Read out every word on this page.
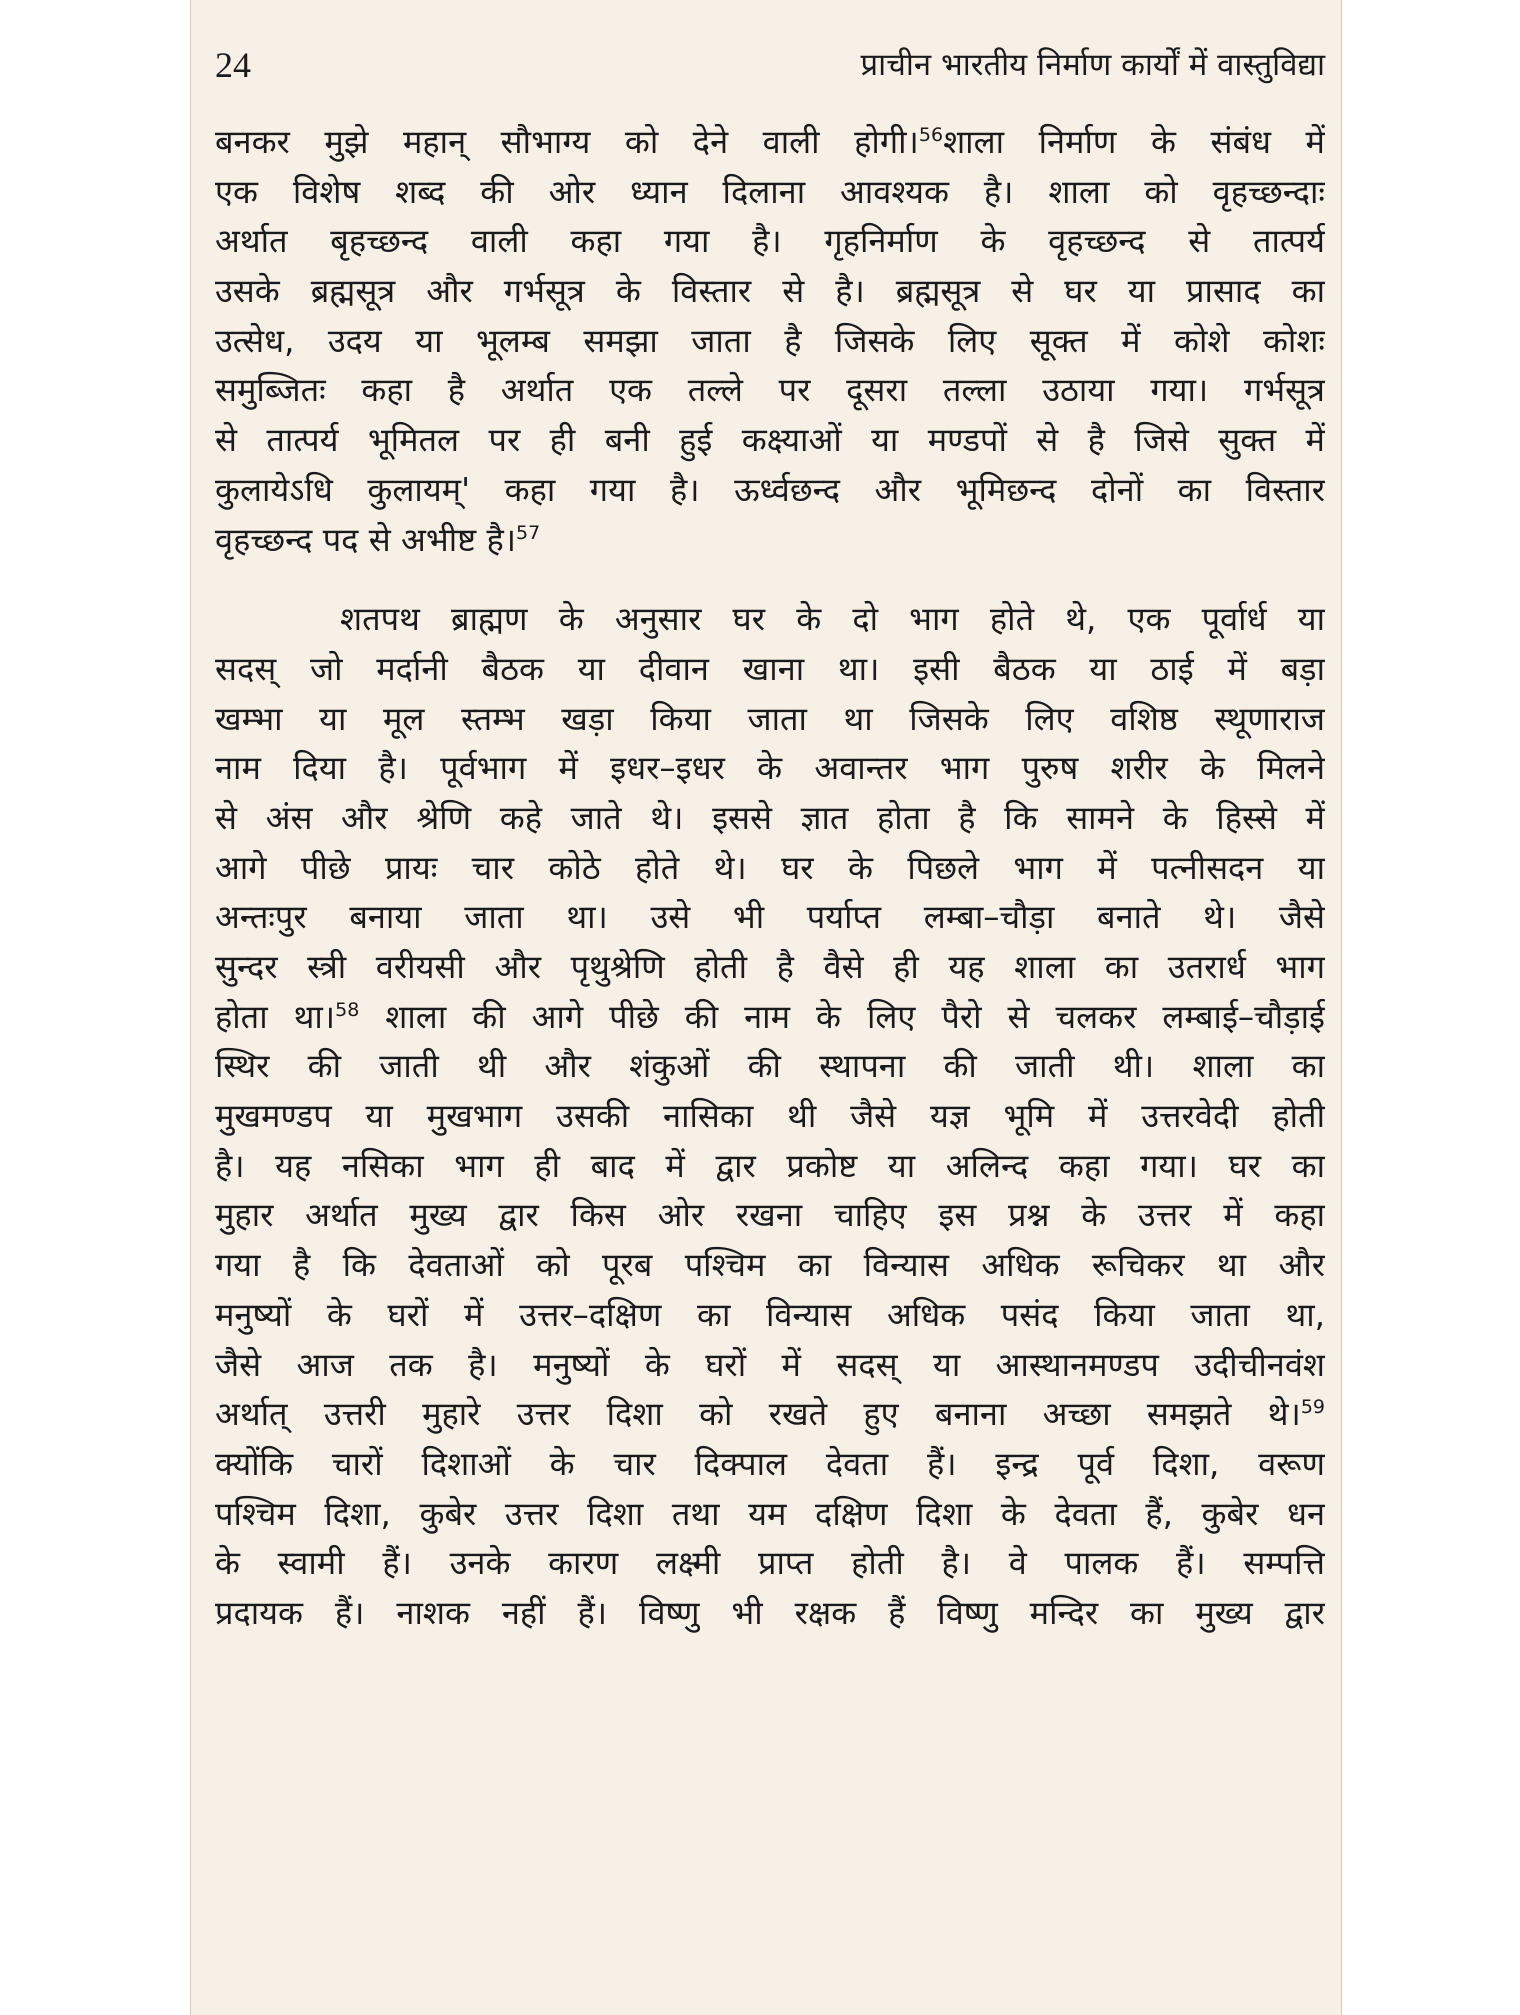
24	प्राचीन भारतीय निर्माण कार्यों में वास्तुविद्या
बनकर मुझे महान् सौभाग्य को देने वाली होगी।$^{56}$शाला निर्माण के संबंध में
एक विशेष शब्द की ओर ध्यान दिलाना आवश्यक है। शाला को वृहच्छन्दाः
अर्थात बृहच्छन्द वाली कहा गया है। गृहनिर्माण के वृहच्छन्द से तात्पर्य
उसके ब्रह्मसूत्र और गर्भसूत्र के विस्तार से है। ब्रह्मसूत्र से घर या प्रासाद का
उत्सेध, उदय या भूलम्ब समझा जाता है जिसके लिए सूक्त में कोशे कोशः
समुब्जितः कहा है अर्थात एक तल्ले पर दूसरा तल्ला उठाया गया। गर्भसूत्र
से तात्पर्य भूमितल पर ही बनी हुई कक्ष्याओं या मण्डपों से है जिसे सुक्त में
कुलायेऽधि कुलायम्' कहा गया है। ऊर्ध्वछन्द और भूमिछन्द दोनों का विस्तार
वृहच्छन्द पद से अभीष्ट है।$^{57}$
शतपथ ब्राह्मण के अनुसार घर के दो भाग होते थे, एक पूर्वार्ध या
सदस् जो मर्दानी बैठक या दीवान खाना था। इसी बैठक या ठाई में बड़ा
खम्भा या मूल स्तम्भ खड़ा किया जाता था जिसके लिए वशिष्ठ स्थूणाराज
नाम दिया है। पूर्वभाग में इधर–इधर के अवान्तर भाग पुरुष शरीर के मिलने
से अंस और श्रेणि कहे जाते थे। इससे ज्ञात होता है कि सामने के हिस्से में
आगे पीछे प्रायः चार कोठे होते थे। घर के पिछले भाग में पत्नीसदन या
अन्तःपुर बनाया जाता था। उसे भी पर्याप्त लम्बा–चौड़ा बनाते थे। जैसे
सुन्दर स्त्री वरीयसी और पृथुश्रेणि होती है वैसे ही यह शाला का उतरार्ध भाग
होता था।$^{58}$ शाला की आगे पीछे की नाम के लिए पैरो से चलकर लम्बाई–चौड़ाई
स्थिर की जाती थी और शंकुओं की स्थापना की जाती थी। शाला का
मुखमण्डप या मुखभाग उसकी नासिका थी जैसे यज्ञ भूमि में उत्तरवेदी होती
है। यह नसिका भाग ही बाद में द्वार प्रकोष्ट या अलिन्द कहा गया। घर का
मुहार अर्थात मुख्य द्वार किस ओर रखना चाहिए इस प्रश्न के उत्तर में कहा
गया है कि देवताओं को पूरब पश्चिम का विन्यास अधिक रूचिकर था और
मनुष्यों के घरों में उत्तर–दक्षिण का विन्यास अधिक पसंद किया जाता था,
जैसे आज तक है। मनुष्यों के घरों में सदस् या आस्थानमण्डप उदीचीनवंश
अर्थात् उत्तरी मुहारे उत्तर दिशा को रखते हुए बनाना अच्छा समझते थे।$^{59}$
क्योंकि चारों दिशाओं के चार दिक्पाल देवता हैं। इन्द्र पूर्व दिशा, वरूण
पश्चिम दिशा, कुबेर उत्तर दिशा तथा यम दक्षिण दिशा के देवता हैं, कुबेर धन
के स्वामी हैं। उनके कारण लक्ष्मी प्राप्त होती है। वे पालक हैं। सम्पत्ति
प्रदायक हैं। नाशक नहीं हैं। विष्णु भी रक्षक हैं विष्णु मन्दिर का मुख्य द्वार
